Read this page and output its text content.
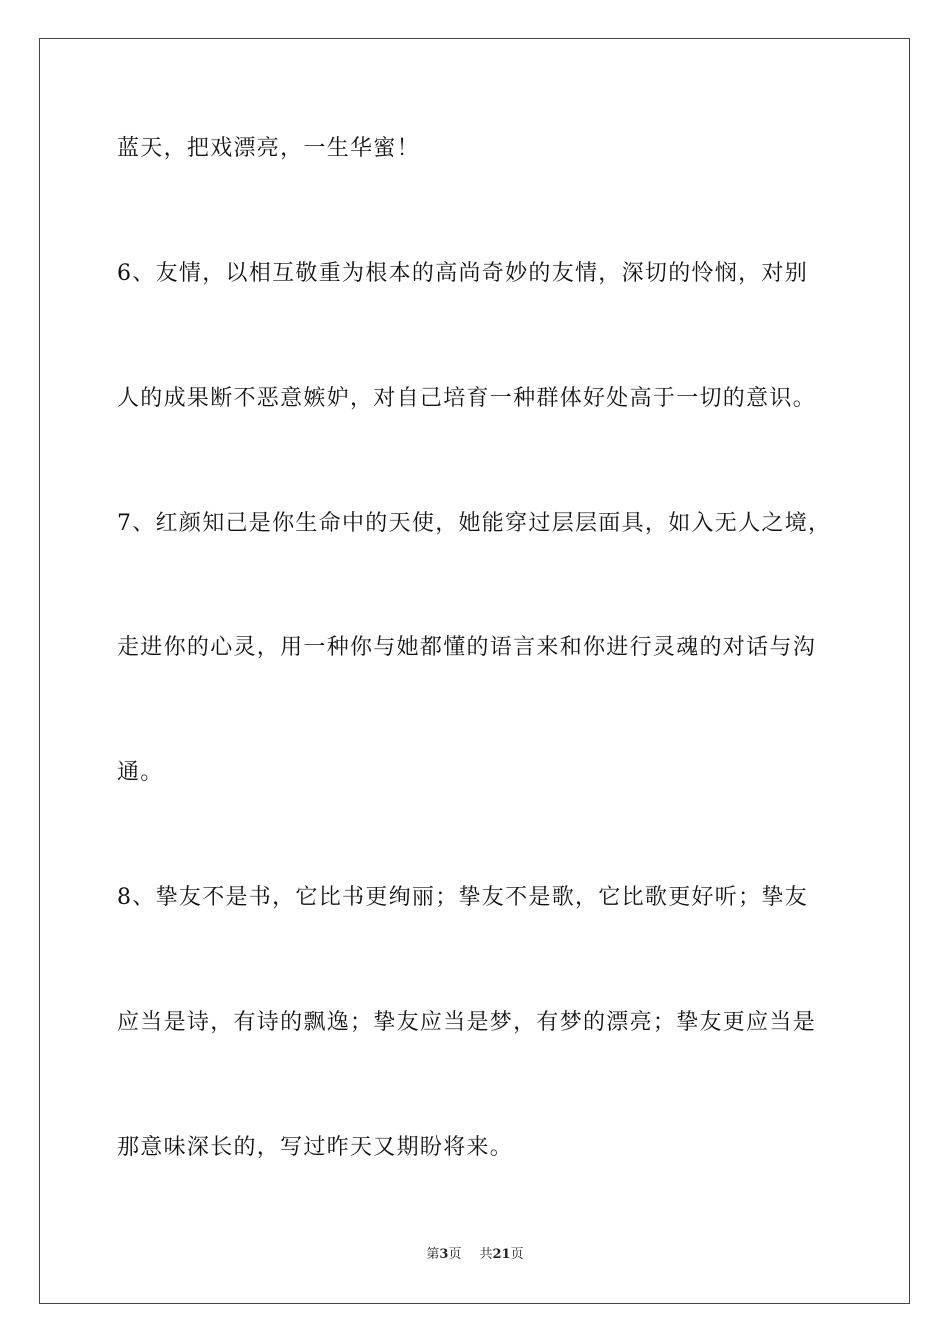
蓝天，把戏漂亮，一生华蜜！
6、友情，以相互敬重为根本的高尚奇妙的友情，深切的怜悯，对别
人的成果断不恶意嫉妒，对自己培育一种群体好处高于一切的意识。
7、红颜知己是你生命中的天使，她能穿过层层面具，如入无人之境，
走进你的心灵，用一种你与她都懂的语言来和你进行灵魂的对话与沟
通。
8、挚友不是书，它比书更绚丽；挚友不是歌，它比歌更好听；挚友
应当是诗，有诗的飘逸；挚友应当是梦，有梦的漂亮；挚友更应当是
那意味深长的，写过昨天又期盼将来。
第3页 共21页
